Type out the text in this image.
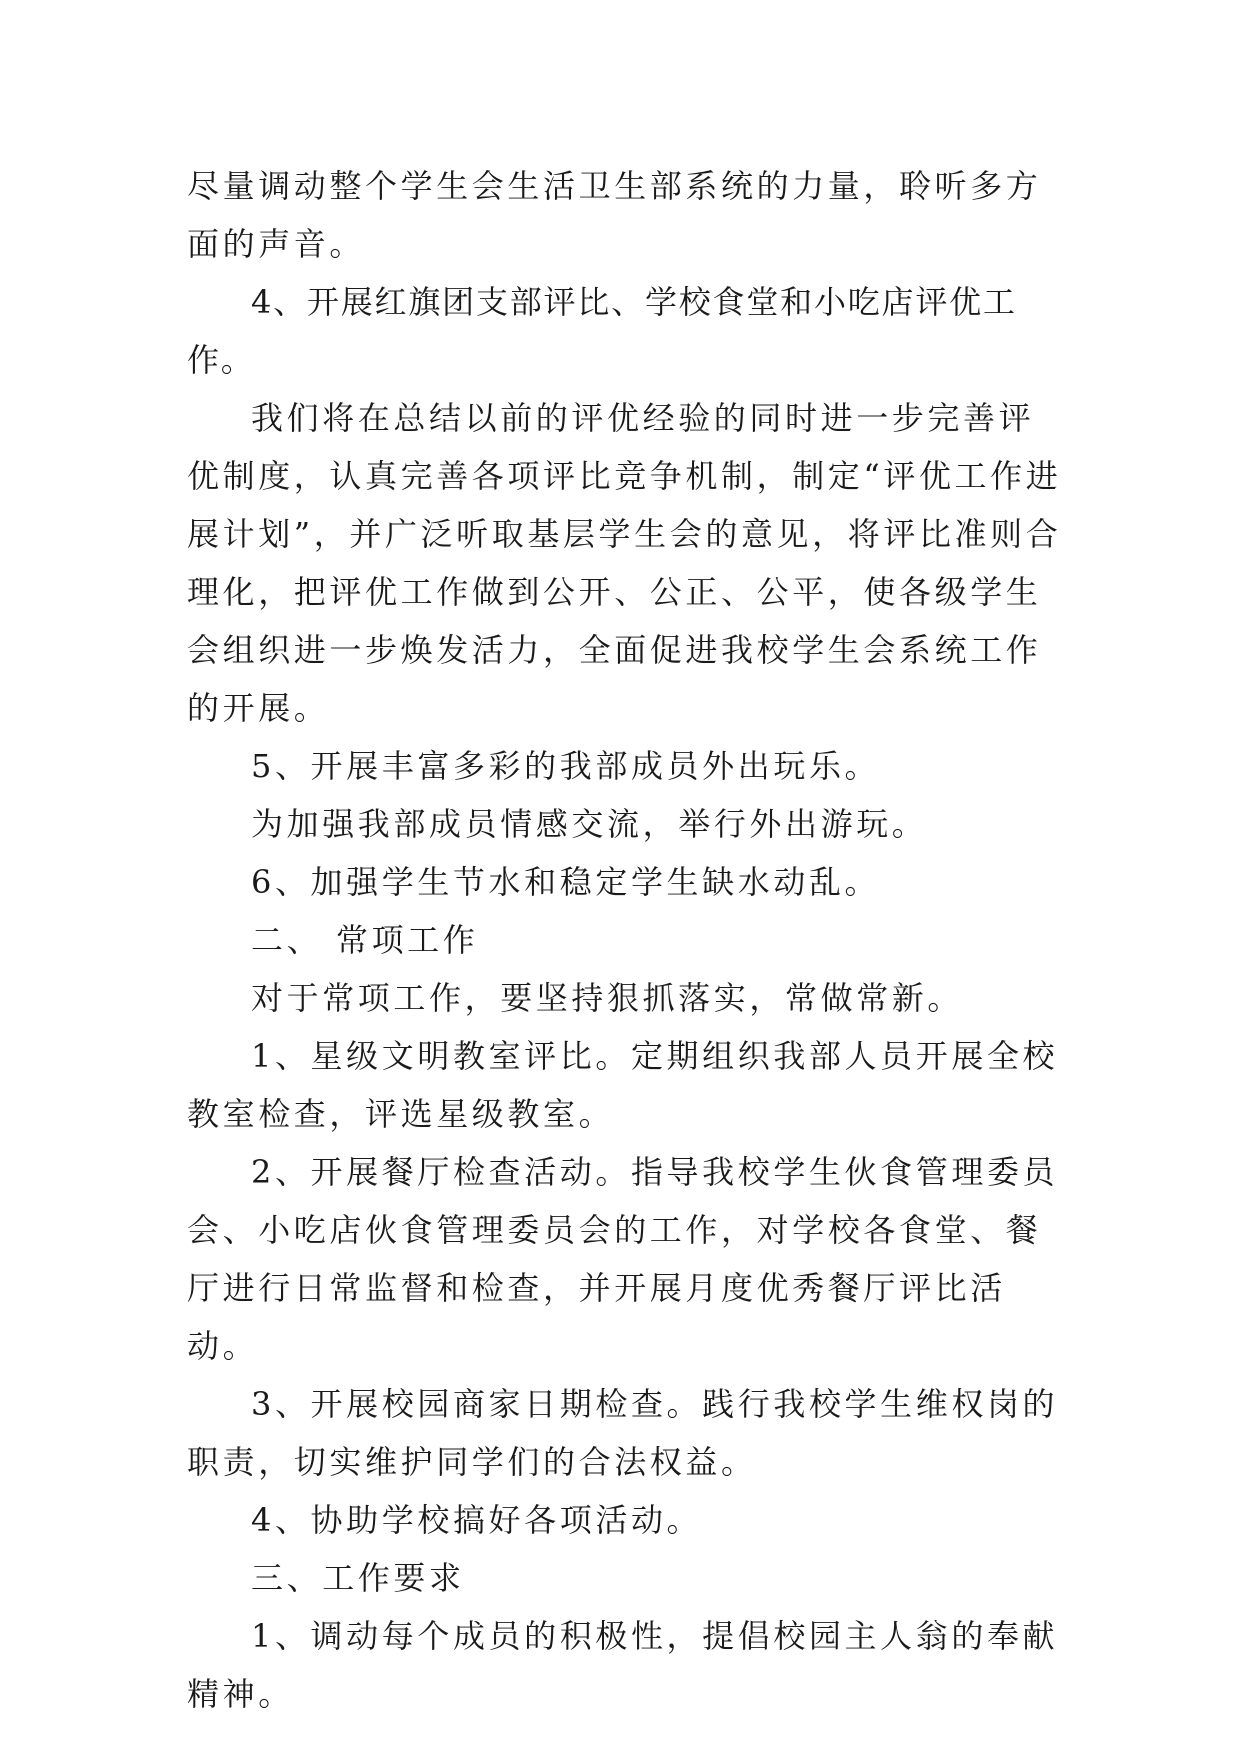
尽量调动整个学生会生活卫生部系统的力量，聆听多方面的声音。

4、开展红旗团支部评比、学校食堂和小吃店评优工作。

我们将在总结以前的评优经验的同时进一步完善评优制度，认真完善各项评比竞争机制，制定“评优工作进展计划”，并广泛听取基层学生会的意见，将评比准则合理化，把评优工作做到公开、公正、公平，使各级学生会组织进一步焕发活力，全面促进我校学生会系统工作的开展。

5、开展丰富多彩的我部成员外出玩乐。

为加强我部成员情感交流，举行外出游玩。

6、加强学生节水和稳定学生缺水动乱。

二、 常项工作

对于常项工作，要坚持狠抓落实，常做常新。

1、星级文明教室评比。定期组织我部人员开展全校教室检查，评选星级教室。

2、开展餐厅检查活动。指导我校学生伙食管理委员会、小吃店伙食管理委员会的工作，对学校各食堂、餐厅进行日常监督和检查，并开展月度优秀餐厅评比活动。

3、开展校园商家日期检查。践行我校学生维权岗的职责，切实维护同学们的合法权益。

4、协助学校搞好各项活动。

三、工作要求

1、调动每个成员的积极性，提倡校园主人翁的奉献精神。
